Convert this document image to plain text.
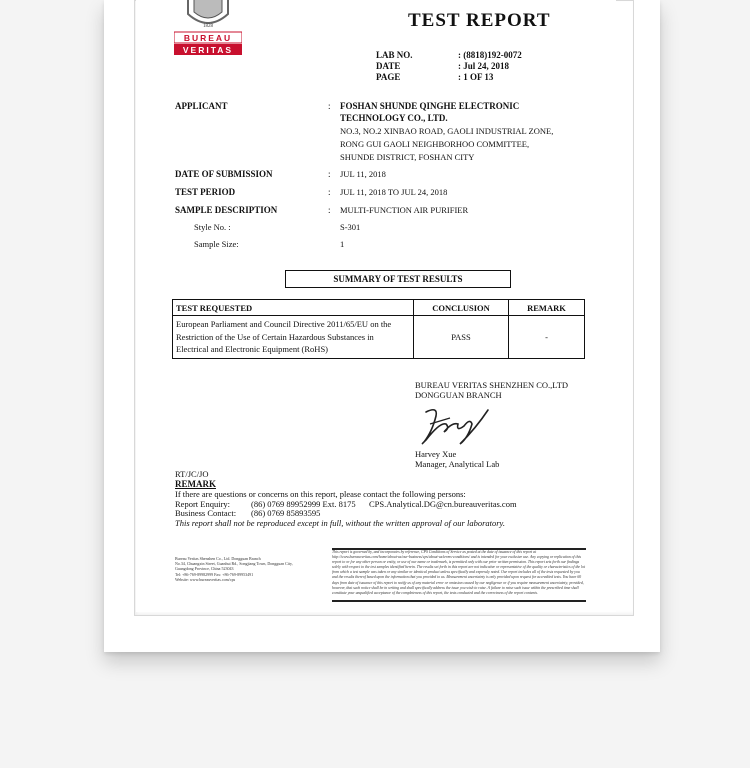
1828
BUREAU
VERITAS
TEST REPORT
LAB NO.	: (8818)192-0072
DATE	: Jul 24, 2018
PAGE	: 1 OF 13
APPLICANT	: FOSHAN SHUNDE QINGHE ELECTRONIC
TECHNOLOGY CO., LTD.
NO.3, NO.2 XINBAO ROAD, GAOLI INDUSTRIAL ZONE,
RONG GUI GAOLI NEIGHBORHOO COMMITTEE,
SHUNDE DISTRICT, FOSHAN CITY
DATE OF SUBMISSION	: JUL 11, 2018
TEST PERIOD	: JUL 11, 2018 TO JUL 24, 2018
SAMPLE DESCRIPTION	: MULTI-FUNCTION AIR PURIFIER
Style No. :	S-301
Sample Size:	1
SUMMARY OF TEST RESULTS
TEST REQUESTED	CONCLUSION	REMARK

European Parliament and Council Directive 2011/65/EU on the
Restriction of the Use of Certain Hazardous Substances in
Electrical and Electronic Equipment (RoHS)	PASS	-
BUREAU VERITAS SHENZHEN CO.,LTD
DONGGUAN BRANCH
Harvey Xue
Manager, Analytical Lab
RT/JC/JO
REMARK
If there are questions or concerns on this report, please contact the following persons:
Report Enquiry: (86) 0769 89952999 Ext. 8175 CPS.Analytical.DG@cn.bureauveritas.com
Business Contact: (86) 0769 85893595
This report shall not be reproduced except in full, without the written approval of our laboratory.
Bureau Veritas Shenzhen Co., Ltd. Dongguan Branch
No.34, Chuangxin Street, Guanhui Rd., Songjiang Town, Dongguan City,
Guangdong Province, China 523043
Tel: +86-769-89982999 Fax: +86-769-89953491
Website: www.bureauveritas.com/cps
This report is governed by, and incorporates by reference, CPS Conditions of Service as posted at the date of issuance of this report at http://www.bureauveritas.com/home/about-us/our-business/cps/about-us/terms-conditions/ and is intended for your exclusive use. Any copying or replication of this report to or for any other person or entity, or use of our name or trademark, is permitted only with our prior written permission. This report sets forth our findings solely with respect to the test samples identified herein. The results set forth in this report are not indicative or representative of the quality or characteristics of the lot from which a test sample was taken or any similar or identical product unless specifically and expressly noted. Our report includes all of the tests requested by you and the results thereof based upon the information that you provided to us. Measurement uncertainty is only provided upon request for accredited tests. You have 60 days from date of issuance of this report to notify us of any material error or omission caused by our negligence or if you require measurement uncertainty; provided, however, that such notice shall be in writing and shall specifically address the issue you wish to raise. A failure to raise such issue within the prescribed time shall constitute your unqualified acceptance of the completeness of this report, the tests conducted and the correctness of the report contents.
